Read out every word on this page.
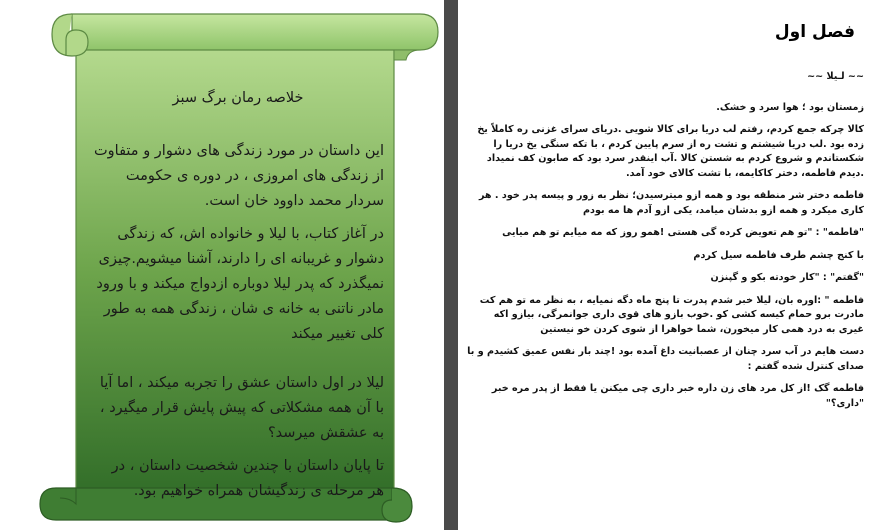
خلاصه رمان برگ سبز

این داستان در مورد زندگی های دشوار و متفاوت از زندگی های امروزی ، در دوره ی حکومت سردار محمد داوود خان است.

در آغاز کتاب، با لیلا و خانواده اش، که زندگی دشوار و غریبانه ای را دارند، آشنا میشویم.چیزی نمیگذرد که پدر لیلا دوباره ازدواج میکند و با ورود مادر ناتنی به خانه ی شان ، زندگی همه به طور کلی تغییر میکند

لیلا در اول داستان عشق را تجربه میکند ، اما آیا با آن همه مشکلاتی که پیش پایش قرار میگیرد ، به عشقش میرسد؟

تا پایان داستان با چندین شخصیت داستان ، در هر مرحله ی زندگیشان همراه خواهیم بود.

فصل اول

~~ لـیلا ~~

زمستان بود ؛ هوا سرد و خشک.

کالا چرکه جمع کردم، رفتم لب دریا برای کالا شویی .دریای سرای غزنی ره کاملاً یخ زده بود .لب دریا شیشتم و تشت ره از سرم پایین کردم ، با تکه سنگی یخ دریا را شکستاندم و شروع کردم به شستن کالا .آب اینقدر سرد بود که صابون کف نمیداد .دیدم فاطمه، دختر کاکایمه، با تشت کالای خود آمد.

فاطمه دختر شر منطقه بود و همه ازو میترسیدن؛ نظر به زور و پیسه پدر خود . هر کاری میکرد و همه ازو بدشان میامد، یکی ازو آدم ها مه بودم

"فاطمه" : "تو هم تعویض کرده گی هستی !همو روز که مه میایم تو هم میایی

با کنج چشم طرف فاطمه سیل کردم

"گفتم" : "کار خودته بکو و گپنزن

فاطمه " :اوره بان، لیلا خبر شدم پدرت تا پنج ماه دگه نمیایه ، به نظر مه تو هم کت مادرت برو حمام کیسه کشی کو .خوب بازو های قوی داری جوانمرگی، بیازو اکه غیری به درد همی کار میخورن، شما خواهرا از شوی کردن خو نیستین

دست هایم در آب سرد چنان از عصبانیت داغ آمده بود !چند بار نفس عمیق کشیدم و با صدای کنترل شده گفتم :

فاطمه گک !از کل مرد های زن داره خبر داری چی میکنن یا فقط از پدر مره خبر "داری؟"
